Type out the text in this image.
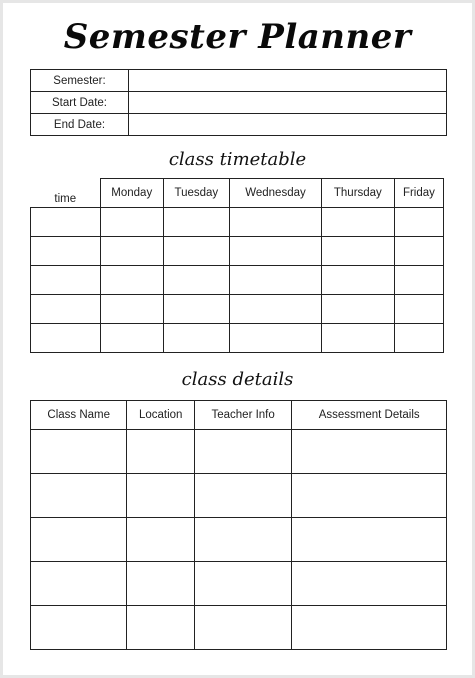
Semester Planner
Semester:	
Start Date:	
End Date:	
class timetable
time	Monday	Tuesday	Wednesday	Thursday	Friday

class details
Class Name	Location	Teacher Info	Assessment Details
